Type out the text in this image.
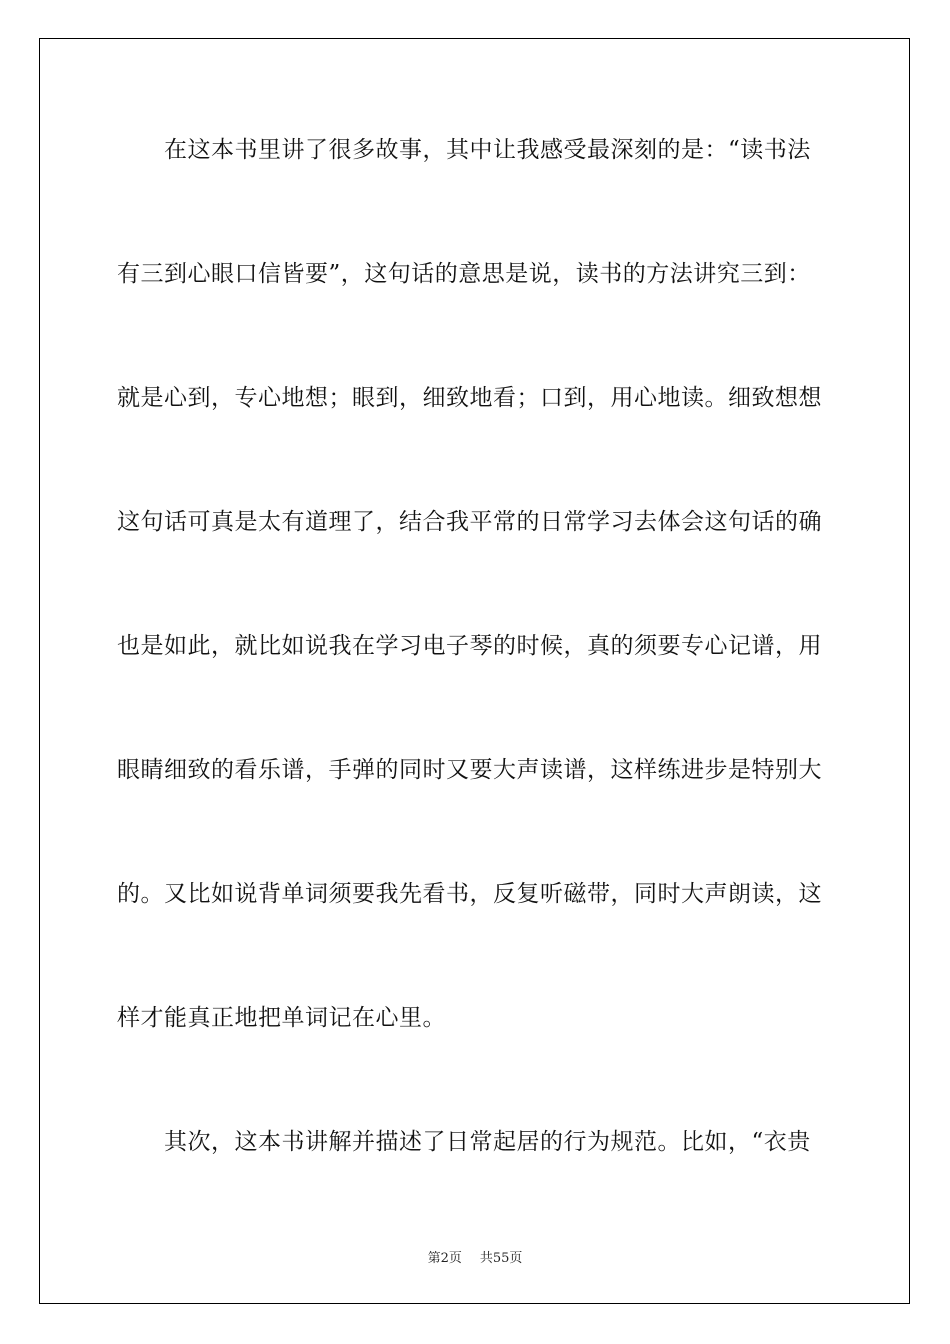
在这本书里讲了很多故事，其中让我感受最深刻的是：“读书法
有三到心眼口信皆要”，这句话的意思是说，读书的方法讲究三到：
就是心到，专心地想；眼到，细致地看；口到，用心地读。细致想想
这句话可真是太有道理了，结合我平常的日常学习去体会这句话的确
也是如此，就比如说我在学习电子琴的时候，真的须要专心记谱，用
眼睛细致的看乐谱，手弹的同时又要大声读谱，这样练进步是特别大
的。又比如说背单词须要我先看书，反复听磁带，同时大声朗读，这
样才能真正地把单词记在心里。
其次，这本书讲解并描述了日常起居的行为规范。比如，“衣贵
第2页 共55页
